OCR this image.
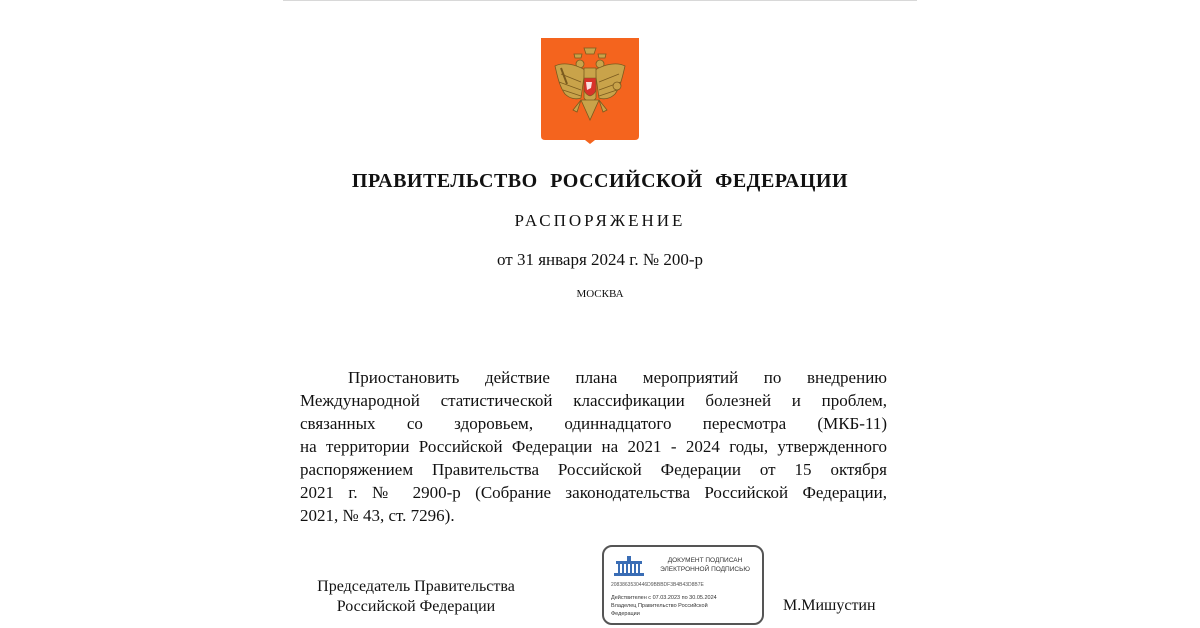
ПРАВИТЕЛЬСТВО РОССИЙСКОЙ ФЕДЕРАЦИИ
РАСПОРЯЖЕНИЕ
от 31 января 2024 г. № 200-р
МОСКВА
Приостановить действие плана мероприятий по внедрению
Международной статистической классификации болезней и проблем,
связанных со здоровьем, одиннадцатого пересмотра (МКБ-11)
на территории Российской Федерации на 2021 - 2024 годы, утвержденного
распоряжением Правительства Российской Федерации от 15 октября
2021 г. № 2900-р (Собрание законодательства Российской Федерации,
2021, № 43, ст. 7296).
Председатель Правительства
Российской Федерации
ДОКУМЕНТ ПОДПИСАН
ЭЛЕКТРОННОЙ ПОДПИСЬЮ
2083863530446D9BBBDF3B4B43D8B7E
Действителен с 07.03.2023 по 30.05.2024
Владелец Правительство Российской
Федерации	М.Мишустин
